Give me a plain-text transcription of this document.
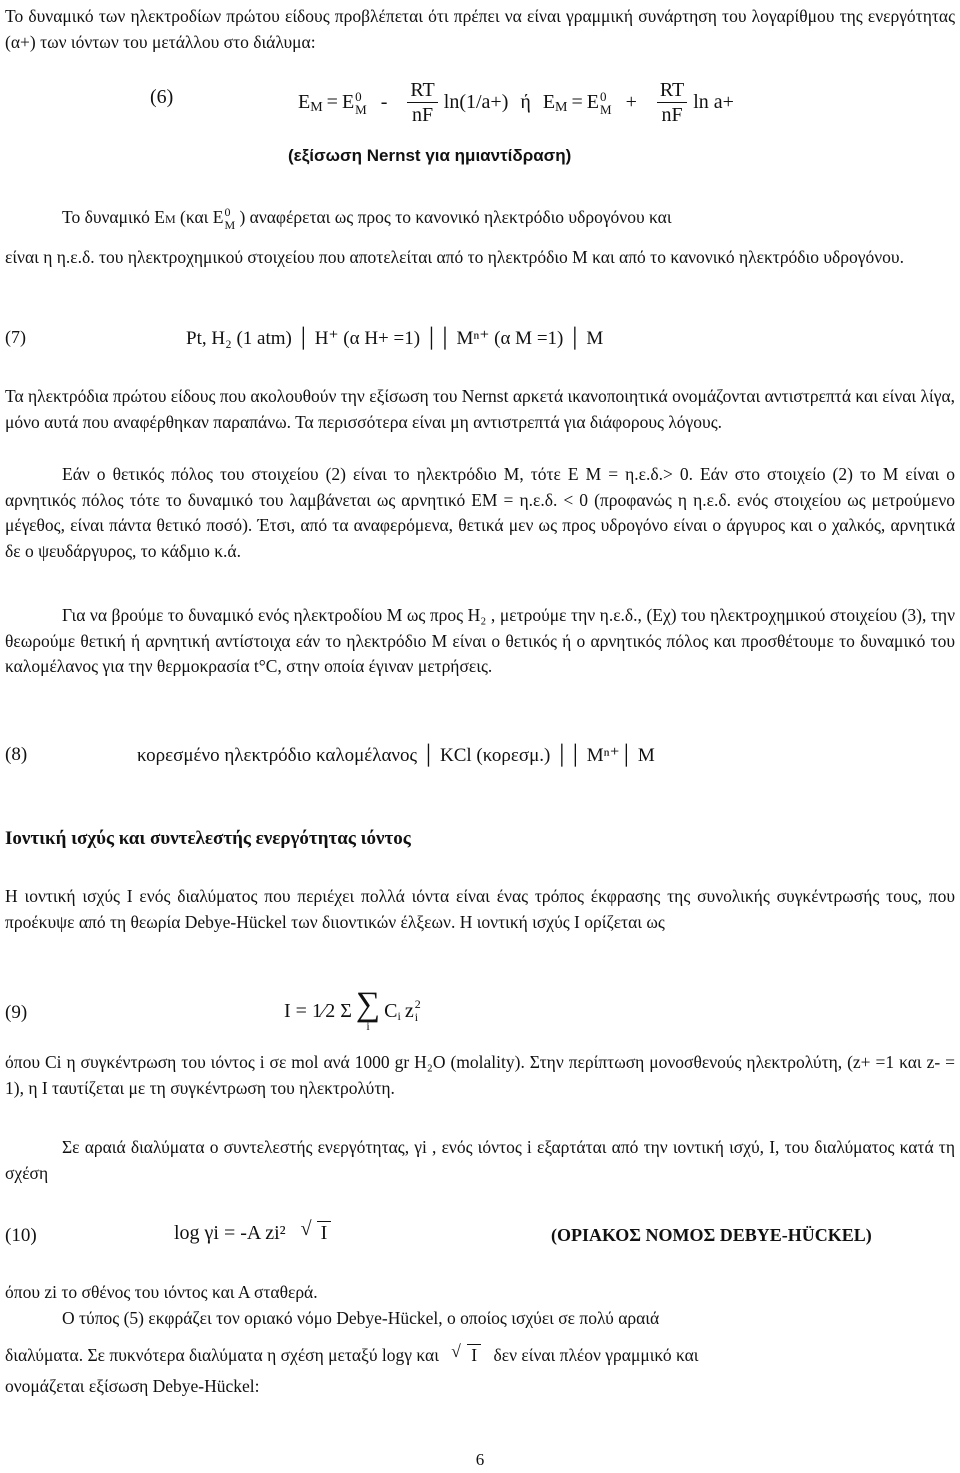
Το δυναμικό των ηλεκτροδίων πρώτου είδους προβλέπεται ότι πρέπει να είναι γραμμική συνάρτηση του λογαρίθμου της ενεργότητας (α+) των ιόντων του μετάλλου στο διάλυμα:
(6)	E M = E 0
$M - \frac{RT}{nF} \ln(1/a+)$ ή E M = E 0
$M + \frac{RT}{nF}$ ln a+
(εξίσωση Nernst για ημιαντίδραση)
Το δυναμικό EM (και E 0
M ) αναφέρεται ως προς το κανονικό ηλεκτρόδιο υδρογόνου και
είναι η η.ε.δ. του ηλεκτροχημικού στοιχείου που αποτελείται από το ηλεκτρόδιο Μ και από το κανονικό ηλεκτρόδιο υδρογόνου.
(7)	Pt, H₂ (1 atm) │ H⁺ (α H+ =1) ││ Mⁿ⁺ (α M =1) │ M
Τα ηλεκτρόδια πρώτου είδους που ακολουθούν την εξίσωση του Nernst αρκετά ικανοποιητικά ονομάζονται αντιστρεπτά και είναι λίγα, μόνο αυτά που αναφέρθηκαν παραπάνω. Τα περισσότερα είναι μη αντιστρεπτά για διάφορους λόγους.
Εάν ο θετικός πόλος του στοιχείου (2) είναι το ηλεκτρόδιο Μ, τότε E M = η.ε.δ.> 0. Εάν στο στοιχείο (2) το Μ είναι ο αρνητικός πόλος τότε το δυναμικό του λαμβάνεται ως αρνητικό EM = η.ε.δ. < 0 (προφανώς η η.ε.δ. ενός στοιχείου ως μετρούμενο μέγεθος, είναι πάντα θετικό ποσό). Έτσι, από τα αναφερόμενα, θετικά μεν ως προς υδρογόνο είναι ο άργυρος και ο χαλκός, αρνητικά δε ο ψευδάργυρος, το κάδμιο κ.ά.
Για να βρούμε το δυναμικό ενός ηλεκτροδίου Μ ως προς H₂ , μετρούμε την η.ε.δ., (Eχ) του ηλεκτροχημικού στοιχείου (3), την θεωρούμε θετική ή αρνητική αντίστοιχα εάν το ηλεκτρόδιο Μ είναι ο θετικός ή ο αρνητικός πόλος και προσθέτουμε το δυναμικό του καλομέλανος για την θερμοκρασία t°C, στην οποία έγιναν μετρήσεις.
(8)	κορεσμένο ηλεκτρόδιο καλομέλανος │ KCl (κορεσμ.) ││ Mⁿ⁺│ M
Ιοντική ισχύς και συντελεστής ενεργότητας ιόντος
Η ιοντική ισχύς I ενός διαλύματος που περιέχει πολλά ιόντα είναι ένας τρόπος έκφρασης της συνολικής συγκέντρωσής τους, που προέκυψε από τη θεωρία Debye-Hückel των διιοντικών έλξεων. Η ιοντική ισχύς I ορίζεται ως
(9)	I = 1⁄2 Σ ∑
i
C i z 2
i
όπου Ci η συγκέντρωση του ιόντος i σε mol ανά 1000 gr H₂O (molality). Στην περίπτωση μονοσθενούς ηλεκτρολύτη, (z+ =1 και z- = 1), η Ι ταυτίζεται με τη συγκέντρωση του ηλεκτρολύτη.
Σε αραιά διαλύματα ο συντελεστής ενεργότητας, γi , ενός ιόντος i εξαρτάται από την ιοντική ισχύ, Ι, του διαλύματος κατά τη σχέση
(10)	log γi = -A zi² √ I	(ΟΡΙΑΚΟΣ ΝΟΜΟΣ DEBYE-HÜCKEL)
όπου zi το σθένος του ιόντος και Α σταθερά.
Ο τύπος (5) εκφράζει τον οριακό νόμο Debye-Hückel, ο οποίος ισχύει σε πολύ αραιά
διαλύματα. Σε πυκνότερα διαλύματα η σχέση μεταξύ logγ και √ I δεν είναι πλέον γραμμικό και
ονομάζεται εξίσωση Debye-Hückel:
6
